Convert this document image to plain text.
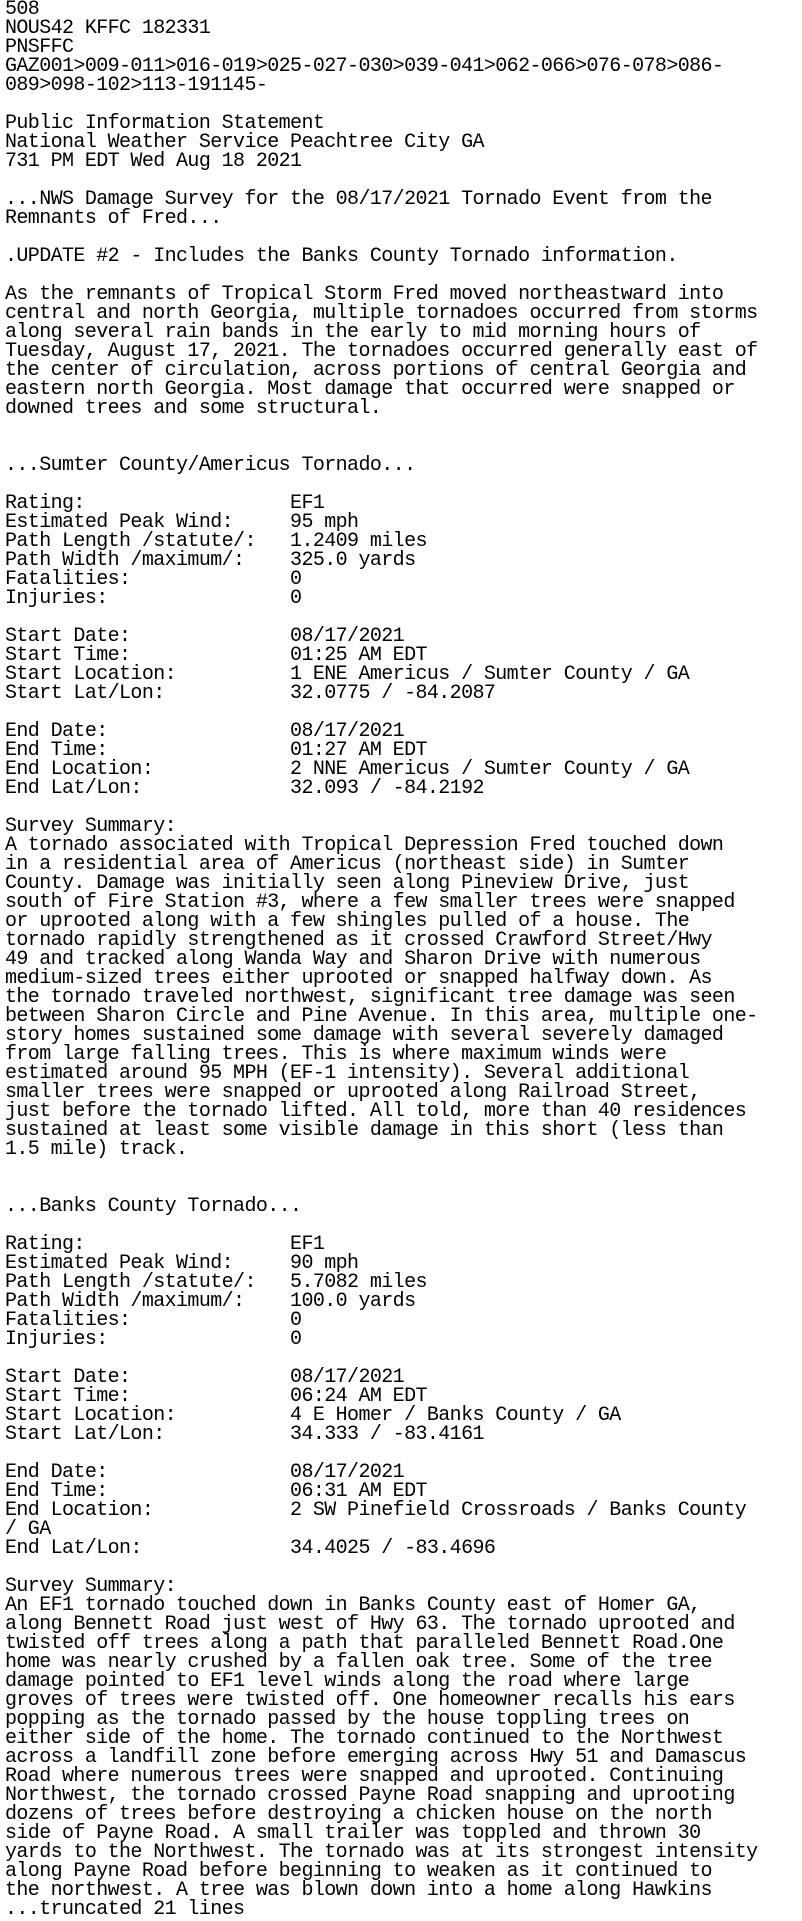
508
NOUS42 KFFC 182331
PNSFFC
GAZ001>009-011>016-019>025-027-030>039-041>062-066>076-078>086-
089>098-102>113-191145-
Public Information Statement
National Weather Service Peachtree City GA
731 PM EDT Wed Aug 18 2021
...NWS Damage Survey for the 08/17/2021 Tornado Event from the
Remnants of Fred...
.UPDATE #2 - Includes the Banks County Tornado information.
As the remnants of Tropical Storm Fred moved northeastward into
central and north Georgia, multiple tornadoes occurred from storms
along several rain bands in the early to mid morning hours of
Tuesday, August 17, 2021. The tornadoes occurred generally east of
the center of circulation, across portions of central Georgia and
eastern north Georgia. Most damage that occurred were snapped or
downed trees and some structural.
...Sumter County/Americus Tornado...
Rating:                  EF1
Estimated Peak Wind:     95 mph
Path Length /statute/:   1.2409 miles
Path Width /maximum/:    325.0 yards
Fatalities:              0
Injuries:                0
Start Date:              08/17/2021
Start Time:              01:25 AM EDT
Start Location:          1 ENE Americus / Sumter County / GA
Start Lat/Lon:           32.0775 / -84.2087
End Date:                08/17/2021
End Time:                01:27 AM EDT
End Location:            2 NNE Americus / Sumter County / GA
End Lat/Lon:             32.093 / -84.2192
Survey Summary:
A tornado associated with Tropical Depression Fred touched down
in a residential area of Americus (northeast side) in Sumter
County. Damage was initially seen along Pineview Drive, just
south of Fire Station #3, where a few smaller trees were snapped
or uprooted along with a few shingles pulled of a house. The
tornado rapidly strengthened as it crossed Crawford Street/Hwy
49 and tracked along Wanda Way and Sharon Drive with numerous
medium-sized trees either uprooted or snapped halfway down. As
the tornado traveled northwest, significant tree damage was seen
between Sharon Circle and Pine Avenue. In this area, multiple one-
story homes sustained some damage with several severely damaged
from large falling trees. This is where maximum winds were
estimated around 95 MPH (EF-1 intensity). Several additional
smaller trees were snapped or uprooted along Railroad Street,
just before the tornado lifted. All told, more than 40 residences
sustained at least some visible damage in this short (less than
1.5 mile) track.
...Banks County Tornado...
Rating:                  EF1
Estimated Peak Wind:     90 mph
Path Length /statute/:   5.7082 miles
Path Width /maximum/:    100.0 yards
Fatalities:              0
Injuries:                0
Start Date:              08/17/2021
Start Time:              06:24 AM EDT
Start Location:          4 E Homer / Banks County / GA
Start Lat/Lon:           34.333 / -83.4161
End Date:                08/17/2021
End Time:                06:31 AM EDT
End Location:            2 SW Pinefield Crossroads / Banks County
/ GA
End Lat/Lon:             34.4025 / -83.4696
Survey Summary:
An EF1 tornado touched down in Banks County east of Homer GA,
along Bennett Road just west of Hwy 63. The tornado uprooted and
twisted off trees along a path that paralleled Bennett Road.One
home was nearly crushed by a fallen oak tree. Some of the tree
damage pointed to EF1 level winds along the road where large
groves of trees were twisted off. One homeowner recalls his ears
popping as the tornado passed by the house toppling trees on
either side of the home. The tornado continued to the Northwest
across a landfill zone before emerging across Hwy 51 and Damascus
Road where numerous trees were snapped and uprooted. Continuing
Northwest, the tornado crossed Payne Road snapping and uprooting
dozens of trees before destroying a chicken house on the north
side of Payne Road. A small trailer was toppled and thrown 30
yards to the Northwest. The tornado was at its strongest intensity
along Payne Road before beginning to weaken as it continued to
the northwest. A tree was blown down into a home along Hawkins
...truncated 21 lines
